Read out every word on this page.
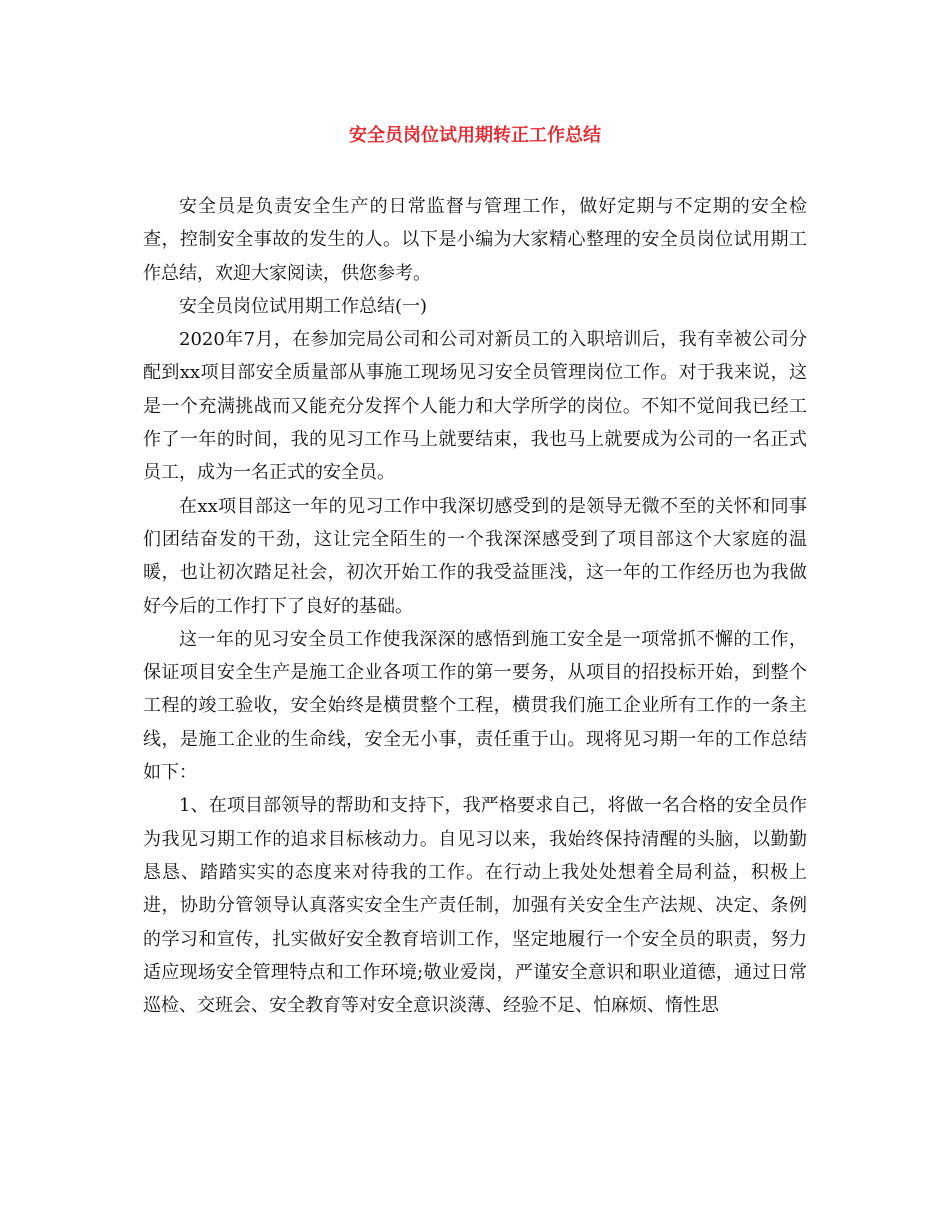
安全员岗位试用期转正工作总结

安全员是负责安全生产的日常监督与管理工作，做好定期与不定期的安全检查，控制安全事故的发生的人。以下是小编为大家精心整理的安全员岗位试用期工作总结，欢迎大家阅读，供您参考。

安全员岗位试用期工作总结(一)

2020年7月，在参加完局公司和公司对新员工的入职培训后，我有幸被公司分配到xx项目部安全质量部从事施工现场见习安全员管理岗位工作。对于我来说，这是一个充满挑战而又能充分发挥个人能力和大学所学的岗位。不知不觉间我已经工作了一年的时间，我的见习工作马上就要结束，我也马上就要成为公司的一名正式员工，成为一名正式的安全员。

在xx项目部这一年的见习工作中我深切感受到的是领导无微不至的关怀和同事们团结奋发的干劲，这让完全陌生的一个我深深感受到了项目部这个大家庭的温暖，也让初次踏足社会，初次开始工作的我受益匪浅，这一年的工作经历也为我做好今后的工作打下了良好的基础。

这一年的见习安全员工作使我深深的感悟到施工安全是一项常抓不懈的工作，保证项目安全生产是施工企业各项工作的第一要务，从项目的招投标开始，到整个工程的竣工验收，安全始终是横贯整个工程，横贯我们施工企业所有工作的一条主线，是施工企业的生命线，安全无小事，责任重于山。现将见习期一年的工作总结如下：

1、在项目部领导的帮助和支持下，我严格要求自己，将做一名合格的安全员作为我见习期工作的追求目标核动力。自见习以来，我始终保持清醒的头脑，以勤勤恳恳、踏踏实实的态度来对待我的工作。在行动上我处处想着全局利益，积极上进，协助分管领导认真落实安全生产责任制，加强有关安全生产法规、决定、条例的学习和宣传，扎实做好安全教育培训工作，坚定地履行一个安全员的职责，努力适应现场安全管理特点和工作环境;敬业爱岗，严谨安全意识和职业道德，通过日常巡检、交班会、安全教育等对安全意识淡薄、经验不足、怕麻烦、惰性思
